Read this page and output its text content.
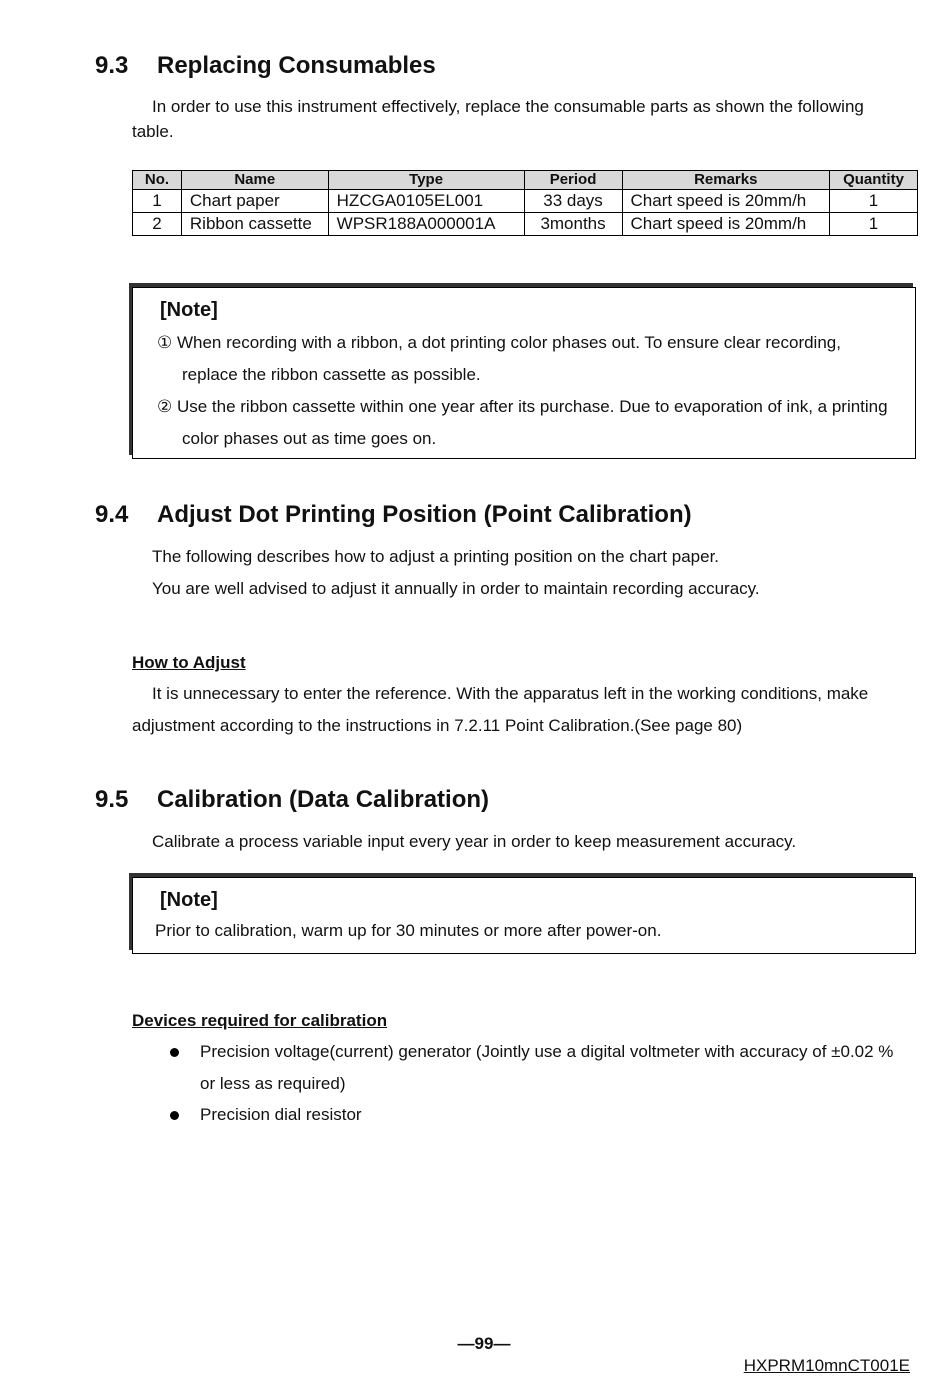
9.3 Replacing Consumables
In order to use this instrument effectively, replace the consumable parts as shown the following
table.
No.	Name	Type	Period	Remarks	Quantity
1	Chart paper	HZCGA0105EL001	33 days	Chart speed is 20mm/h	1
2	Ribbon cassette	WPSR188A000001A	3months	Chart speed is 20mm/h	1
[Note]
① When recording with a ribbon, a dot printing color phases out. To ensure clear recording,
replace the ribbon cassette as possible.
② Use the ribbon cassette within one year after its purchase. Due to evaporation of ink, a printing
color phases out as time goes on.
9.4 Adjust Dot Printing Position (Point Calibration)
The following describes how to adjust a printing position on the chart paper.
You are well advised to adjust it annually in order to maintain recording accuracy.
How to Adjust
It is unnecessary to enter the reference. With the apparatus left in the working conditions, make
adjustment according to the instructions in 7.2.11 Point Calibration.(See page 80)
9.5 Calibration (Data Calibration)
Calibrate a process variable input every year in order to keep measurement accuracy.
[Note]
Prior to calibration, warm up for 30 minutes or more after power-on.
Devices required for calibration
Precision voltage(current) generator (Jointly use a digital voltmeter with accuracy of ±0.02 %
or less as required)
Precision dial resistor
—99—
HXPRM10mnCT001E
